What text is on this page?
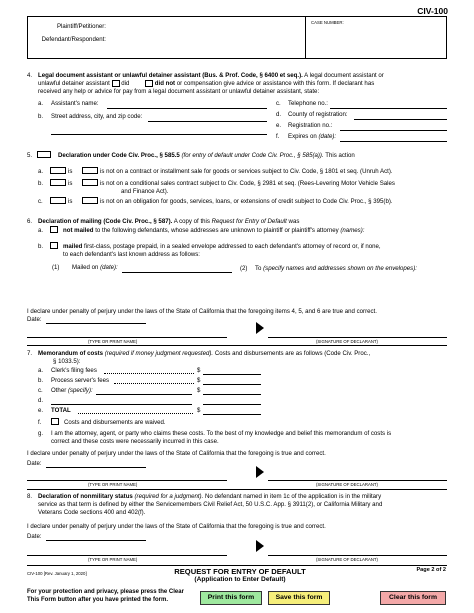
CIV-100
Plaintiff/Petitioner:
Defendant/Respondent:
CASE NUMBER:
4. Legal document assistant or unlawful detainer assistant (Bus. & Prof. Code, § 6400 et seq.). A legal document assistant or
unlawful detainer assistant did	did not or compensation give advice or assistance with this form. If declarant has
received any help or advice for pay from a legal document assistant or unlawful detainer assistant, state:
a. Assistant's name:
b. Street address, city, and zip code:
c. Telephone no.:
d. County of registration:
e. Registration no.:
f. Expires on (date):
5.	Declaration under Code Civ. Proc., § 585.5 (for entry of default under Code Civ. Proc., § 585(a)). This action
a.	is	is not on a contract or installment sale for goods or services subject to Civ. Code, § 1801 et seq. (Unruh Act).
b.	is	is not on a conditional sales contract subject to Civ. Code, § 2981 et seq. (Rees-Levering Motor Vehicle Sales
and Finance Act).
c.	is	is not on an obligation for goods, services, loans, or extensions of credit subject to Code Civ. Proc., § 395(b).
6. Declaration of mailing (Code Civ. Proc., § 587). A copy of this Request for Entry of Default was
a.	not mailed to the following defendants, whose addresses are unknown to plaintiff or plaintiff's attorney (names):
b.	mailed first-class, postage prepaid, in a sealed envelope addressed to each defendant's attorney of record or, if none,
to each defendant's last known address as follows:
(1) Mailed on (date):	(2) To (specify names and addresses shown on the envelopes):
I declare under penalty of perjury under the laws of the State of California that the foregoing items 4, 5, and 6 are true and correct.
Date:
(TYPE OR PRINT NAME)	(SIGNATURE OF DECLARANT)
7. Memorandum of costs (required if money judgment requested). Costs and disbursements are as follows (Code Civ. Proc.,
§ 1033.5):
a. Clerk's filing fees	$
b. Process server's fees	$
c. Other (specify):	$
d.
e. TOTAL	$
f.	Costs and disbursements are waived.
g. I am the attorney, agent, or party who claims these costs. To the best of my knowledge and belief this memorandum of costs is
correct and these costs were necessarily incurred in this case.
I declare under penalty of perjury under the laws of the State of California that the foregoing is true and correct.
Date:
(TYPE OR PRINT NAME)	(SIGNATURE OF DECLARANT)
8. Declaration of nonmilitary status (required for a judgment). No defendant named in item 1c of the application is in the military
service as that term is defined by either the Servicemembers Civil Relief Act, 50 U.S.C. App. § 3911(2), or California Military and
Veterans Code sections 400 and 402(f).
I declare under penalty of perjury under the laws of the State of California that the foregoing is true and correct.
Date:
(TYPE OR PRINT NAME)	(SIGNATURE OF DECLARANT)
CIV-100 [Rev. January 1, 2020]	REQUEST FOR ENTRY OF DEFAULT
(Application to Enter Default)
Page 2 of 2
For your protection and privacy, please press the Clear
This Form button after you have printed the form.	Print this form	Save this form	Clear this form
